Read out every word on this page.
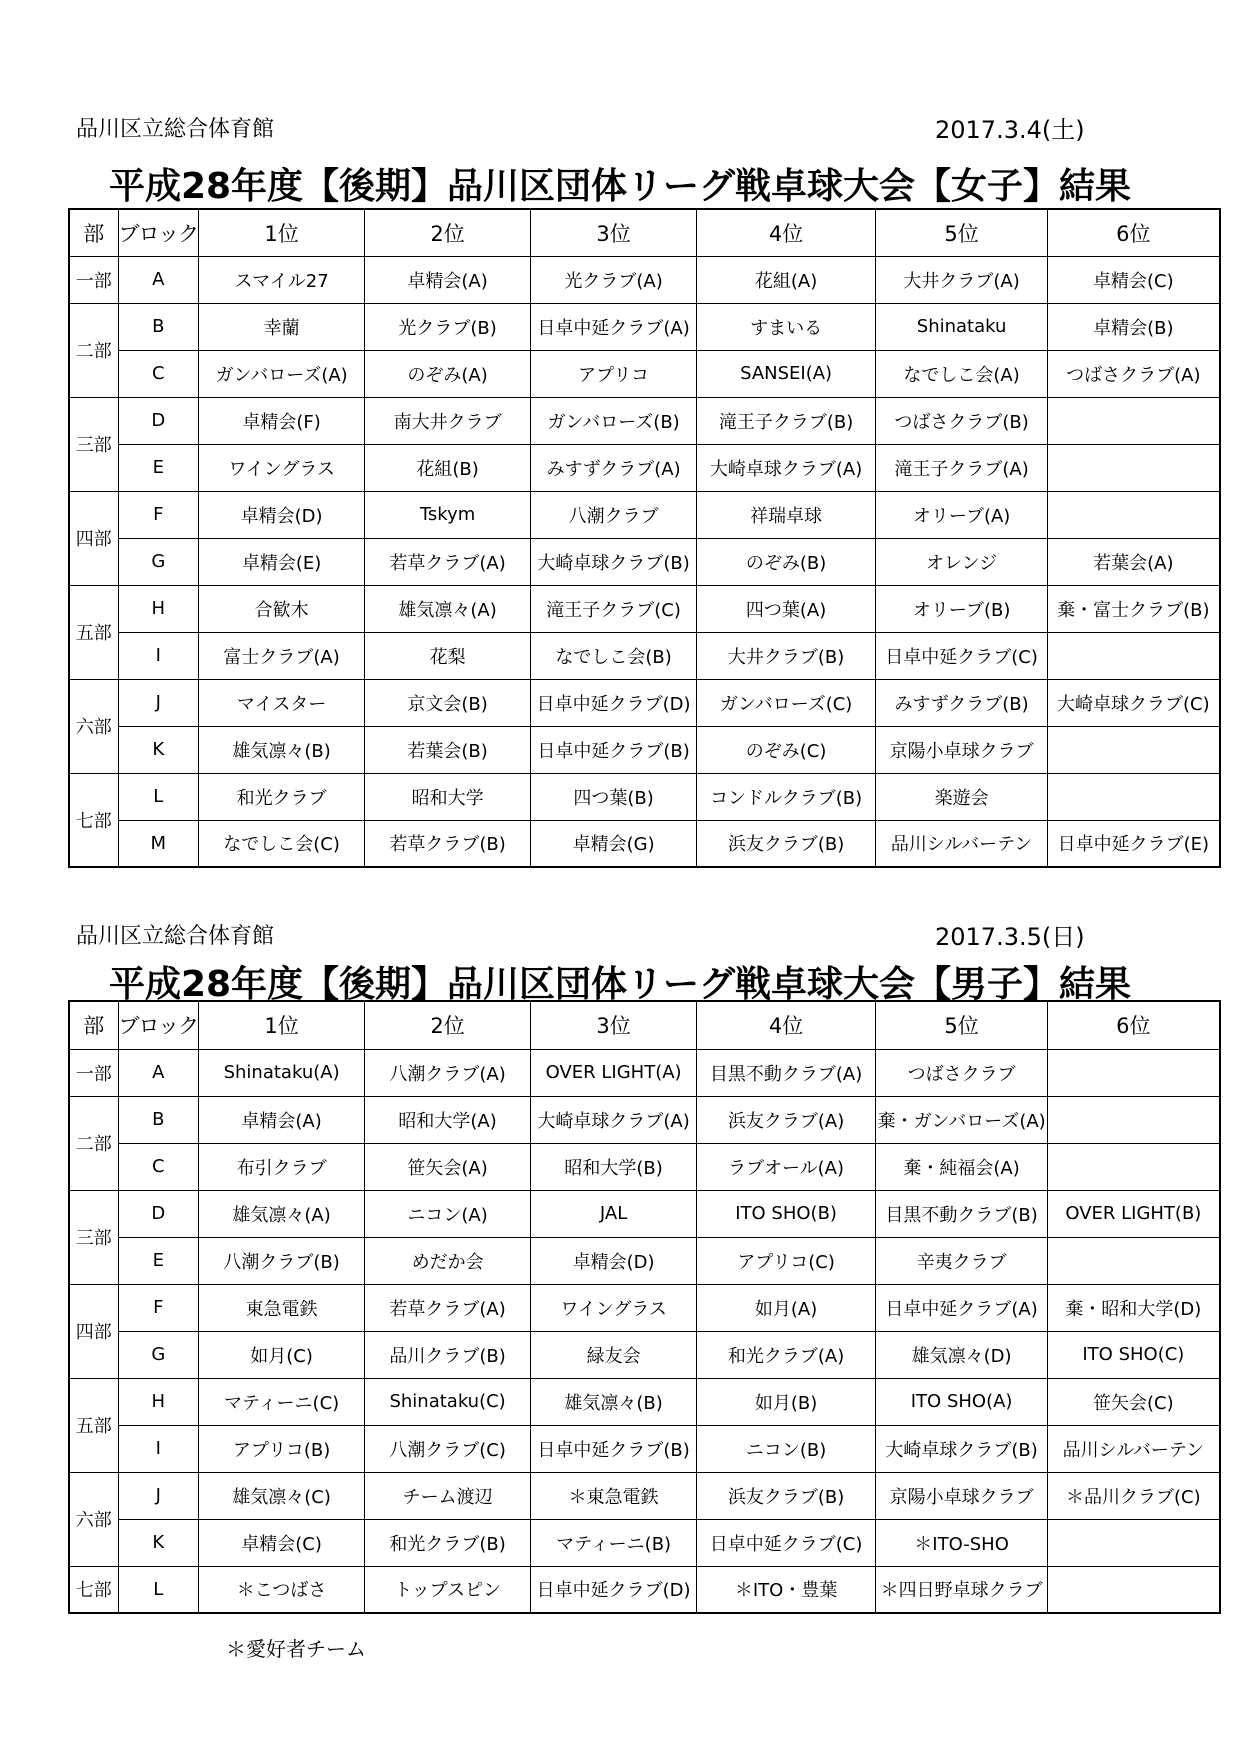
品川区立総合体育館	2017.3.4(土)
平成28年度【後期】品川区団体リーグ戦卓球大会【女子】結果
部	ブロック	1位	2位	3位	4位	5位	6位
一部	A	スマイル27	卓精会(A)	光クラブ(A)	花組(A)	大井クラブ(A)	卓精会(C)
二部	B	幸蘭	光クラブ(B)	日卓中延クラブ(A)	すまいる	Shinataku	卓精会(B)
	C	ガンバローズ(A)	のぞみ(A)	アプリコ	SANSEI(A)	なでしこ会(A)	つばさクラブ(A)
三部	D	卓精会(F)	南大井クラブ	ガンバローズ(B)	滝王子クラブ(B)	つばさクラブ(B)	
	E	ワイングラス	花組(B)	みすずクラブ(A)	大崎卓球クラブ(A)	滝王子クラブ(A)	
四部	F	卓精会(D)	Tskym	八潮クラブ	祥瑞卓球	オリーブ(A)	
	G	卓精会(E)	若草クラブ(A)	大崎卓球クラブ(B)	のぞみ(B)	オレンジ	若葉会(A)
五部	H	合歓木	雄気凛々(A)	滝王子クラブ(C)	四つ葉(A)	オリーブ(B)	棄・富士クラブ(B)
	I	富士クラブ(A)	花梨	なでしこ会(B)	大井クラブ(B)	日卓中延クラブ(C)	
六部	J	マイスター	京文会(B)	日卓中延クラブ(D)	ガンバローズ(C)	みすずクラブ(B)	大崎卓球クラブ(C)
	K	雄気凛々(B)	若葉会(B)	日卓中延クラブ(B)	のぞみ(C)	京陽小卓球クラブ	
七部	L	和光クラブ	昭和大学	四つ葉(B)	コンドルクラブ(B)	楽遊会	
	M	なでしこ会(C)	若草クラブ(B)	卓精会(G)	浜友クラブ(B)	品川シルバーテン	日卓中延クラブ(E)
品川区立総合体育館	2017.3.5(日)
平成28年度【後期】品川区団体リーグ戦卓球大会【男子】結果
部	ブロック	1位	2位	3位	4位	5位	6位
一部	A	Shinataku(A)	八潮クラブ(A)	OVER LIGHT(A)	目黒不動クラブ(A)	つばさクラブ	
二部	B	卓精会(A)	昭和大学(A)	大崎卓球クラブ(A)	浜友クラブ(A)	棄・ガンバローズ(A)	
	C	布引クラブ	笹矢会(A)	昭和大学(B)	ラブオール(A)	棄・純福会(A)	
三部	D	雄気凛々(A)	ニコン(A)	JAL	ITO SHO(B)	目黒不動クラブ(B)	OVER LIGHT(B)
	E	八潮クラブ(B)	めだか会	卓精会(D)	アプリコ(C)	辛夷クラブ	
四部	F	東急電鉄	若草クラブ(A)	ワイングラス	如月(A)	日卓中延クラブ(A)	棄・昭和大学(D)
	G	如月(C)	品川クラブ(B)	緑友会	和光クラブ(A)	雄気凛々(D)	ITO SHO(C)
五部	H	マティーニ(C)	Shinataku(C)	雄気凛々(B)	如月(B)	ITO SHO(A)	笹矢会(C)
	I	アプリコ(B)	八潮クラブ(C)	日卓中延クラブ(B)	ニコン(B)	大崎卓球クラブ(B)	品川シルバーテン
六部	J	雄気凛々(C)	チーム渡辺	＊東急電鉄	浜友クラブ(B)	京陽小卓球クラブ	＊品川クラブ(C)
	K	卓精会(C)	和光クラブ(B)	マティーニ(B)	日卓中延クラブ(C)	＊ITO-SHO	
七部	L	＊こつばさ	トップスピン	日卓中延クラブ(D)	＊ITO・豊葉	＊四日野卓球クラブ	
＊愛好者チーム
